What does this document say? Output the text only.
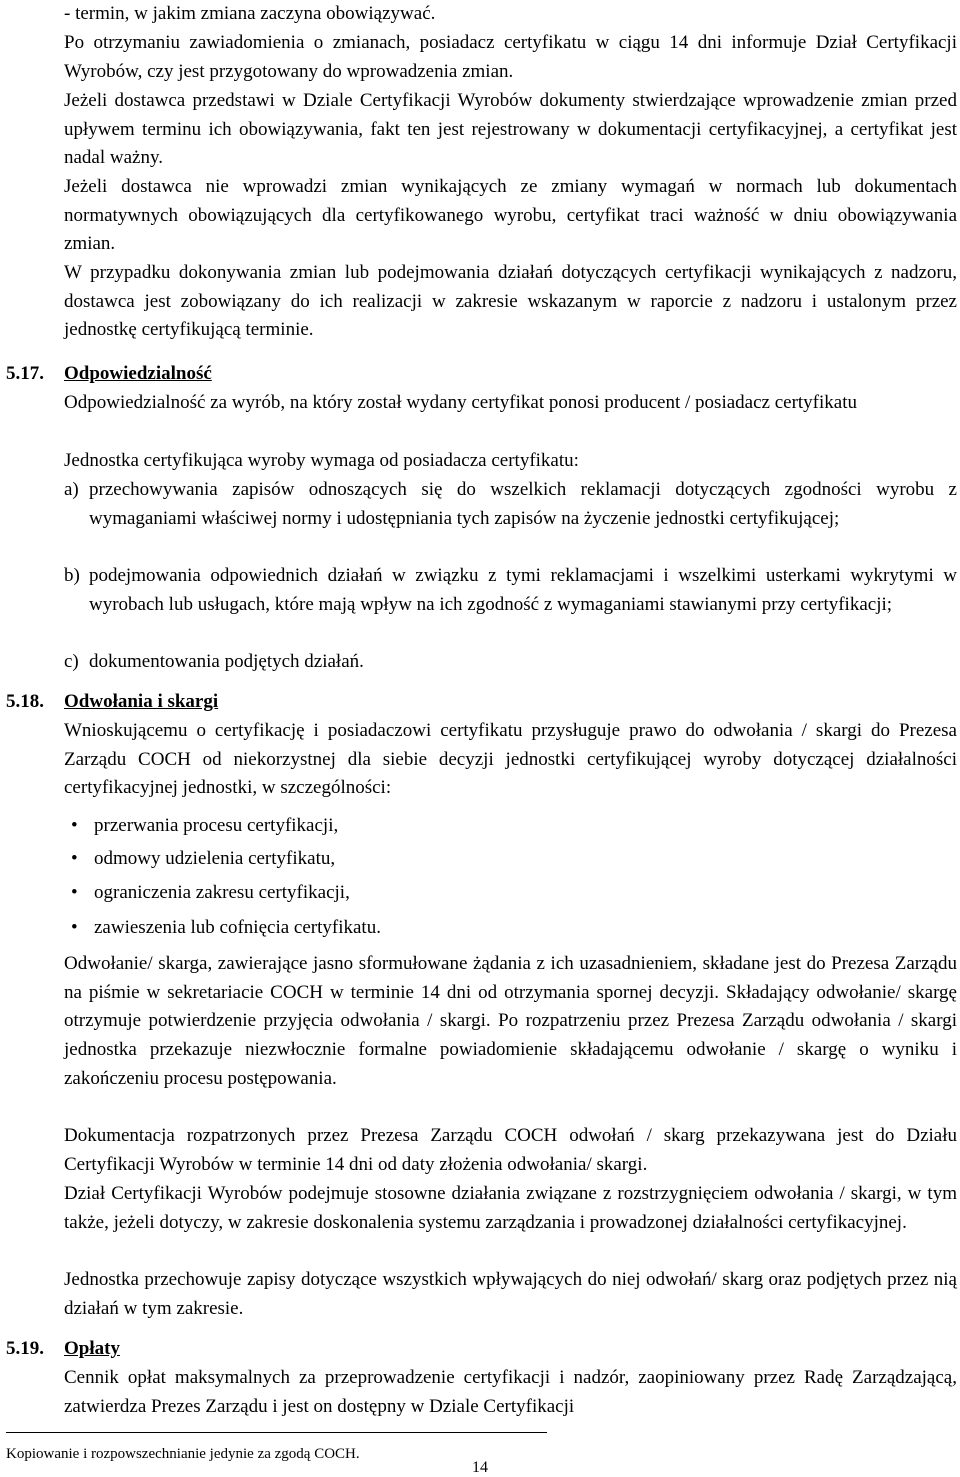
- termin, w jakim zmiana zaczyna obowiązywać.

Po otrzymaniu zawiadomienia o zmianach, posiadacz certyfikatu w ciągu 14 dni informuje Dział Certyfikacji Wyrobów, czy jest przygotowany do wprowadzenia zmian.

Jeżeli dostawca przedstawi w Dziale Certyfikacji Wyrobów dokumenty stwierdzające wprowadzenie zmian przed upływem terminu ich obowiązywania, fakt ten jest rejestrowany w dokumentacji certyfikacyjnej, a certyfikat jest nadal ważny.

Jeżeli dostawca nie wprowadzi zmian wynikających ze zmiany wymagań w normach lub dokumentach normatywnych obowiązujących dla certyfikowanego wyrobu, certyfikat traci ważność w dniu obowiązywania zmian.

W przypadku dokonywania zmian lub podejmowania działań dotyczących certyfikacji wynikających z nadzoru, dostawca jest zobowiązany do ich realizacji w zakresie wskazanym w raporcie z nadzoru i ustalonym przez jednostkę certyfikującą terminie.

5.17. Odpowiedzialność

Odpowiedzialność za wyrób, na który został wydany certyfikat ponosi producent / posiadacz certyfikatu

Jednostka certyfikująca wyroby wymaga od posiadacza certyfikatu:

a) przechowywania zapisów odnoszących się do wszelkich reklamacji dotyczących zgodności wyrobu z wymaganiami właściwej normy i udostępniania tych zapisów na życzenie jednostki certyfikującej;
b) podejmowania odpowiednich działań w związku z tymi reklamacjami i wszelkimi usterkami wykrytymi w wyrobach lub usługach, które mają wpływ na ich zgodność z wymaganiami stawianymi przy certyfikacji;
c) dokumentowania podjętych działań.
5.18. Odwołania i skargi

Wnioskującemu o certyfikację i posiadaczowi certyfikatu przysługuje prawo do odwołania / skargi do Prezesa Zarządu COCH od niekorzystnej dla siebie decyzji jednostki certyfikującej wyroby dotyczącej działalności certyfikacyjnej jednostki, w szczególności:

• przerwania procesu certyfikacji,
• odmowy udzielenia certyfikatu,
• ograniczenia zakresu certyfikacji,
• zawieszenia lub cofnięcia certyfikatu.

Odwołanie/ skarga, zawierające jasno sformułowane żądania z ich uzasadnieniem, składane jest do Prezesa Zarządu na piśmie w sekretariacie COCH w terminie 14 dni od otrzymania spornej decyzji. Składający odwołanie/ skargę otrzymuje potwierdzenie przyjęcia odwołania / skargi. Po rozpatrzeniu przez Prezesa Zarządu odwołania / skargi jednostka przekazuje niezwłocznie formalne powiadomienie składającemu odwołanie / skargę o wyniku i zakończeniu procesu postępowania.

Dokumentacja rozpatrzonych przez Prezesa Zarządu COCH odwołań / skarg przekazywana jest do Działu Certyfikacji Wyrobów w terminie 14 dni od daty złożenia odwołania/ skargi.

Dział Certyfikacji Wyrobów podejmuje stosowne działania związane z rozstrzygnięciem odwołania / skargi, w tym także, jeżeli dotyczy, w zakresie doskonalenia systemu zarządzania i prowadzonej działalności certyfikacyjnej.

Jednostka przechowuje zapisy dotyczące wszystkich wpływających do niej odwołań/ skarg oraz podjętych przez nią działań w tym zakresie.

5.19. Opłaty

Cennik opłat maksymalnych za przeprowadzenie certyfikacji i nadzór, zaopiniowany przez Radę Zarządzającą, zatwierdza Prezes Zarządu i jest on dostępny w Dziale Certyfikacji

Kopiowanie i rozpowszechnianie jedynie za zgodą COCH.
14
